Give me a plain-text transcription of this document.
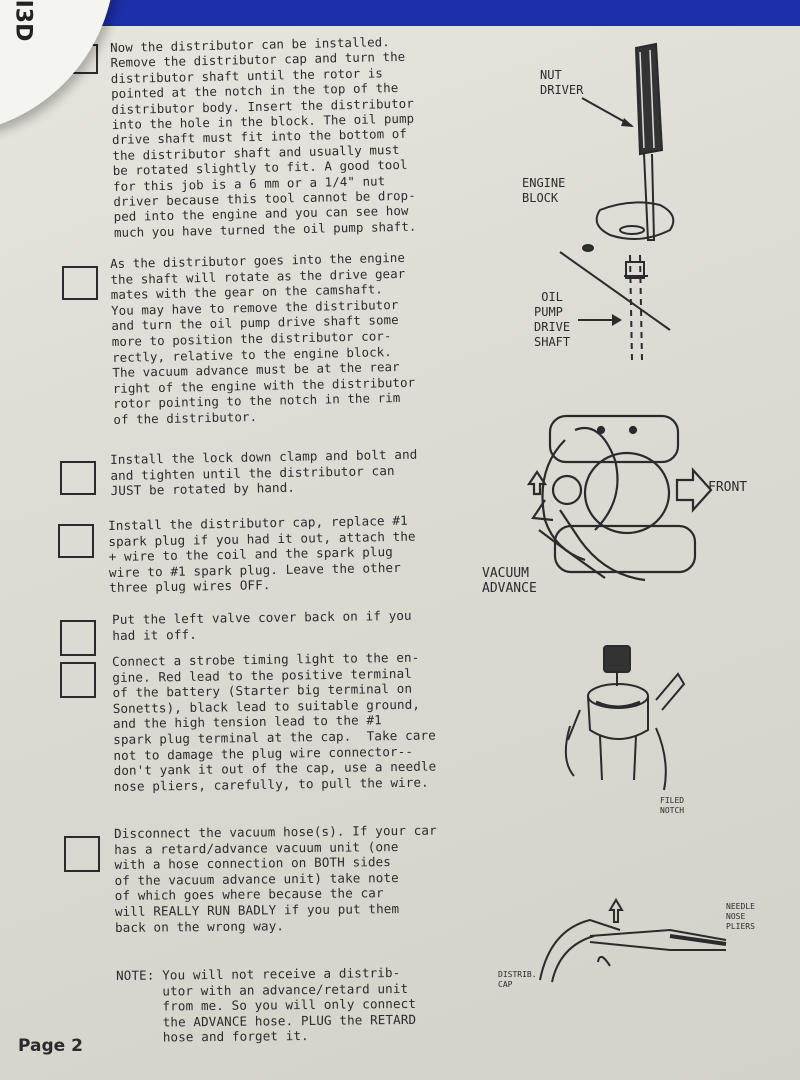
Now the distributor can be installed.
Remove the distributor cap and turn the
distributor shaft until the rotor is
pointed at the notch in the top of the
distributor body. Insert the distributor
into the hole in the block. The oil pump
drive shaft must fit into the bottom of
the distributor shaft and usually must
be rotated slightly to fit. A good tool
for this job is a 6 mm or a 1/4" nut
driver because this tool cannot be drop-
ped into the engine and you can see how
much you have turned the oil pump shaft.

As the distributor goes into the engine
the shaft will rotate as the drive gear
mates with the gear on the camshaft.
You may have to remove the distributor
and turn the oil pump drive shaft some
more to position the distributor cor-
rectly, relative to the engine block.
The vacuum advance must be at the rear
right of the engine with the distributor
rotor pointing to the notch in the rim
of the distributor.

Install the lock down clamp and bolt and
and tighten until the distributor can
JUST be rotated by hand.

Install the distributor cap, replace #1
spark plug if you had it out, attach the
+ wire to the coil and the spark plug
wire to #1 spark plug. Leave the other
three plug wires OFF.

Put the left valve cover back on if you
had it off.

Connect a strobe timing light to the en-
gine. Red lead to the positive terminal
of the battery (Starter big terminal on
Sonetts), black lead to suitable ground,
and the high tension lead to the #1
spark plug terminal at the cap.  Take care
not to damage the plug wire connector--
don't yank it out of the cap, use a needle
nose pliers, carefully, to pull the wire.

Disconnect the vacuum hose(s). If your car
has a retard/advance vacuum unit (one
with a hose connection on BOTH sides
of the vacuum advance unit) take note
of which goes where because the car
will REALLY RUN BADLY if you put them
back on the wrong way.

NOTE: You will not receive a distrib-
utor with an advance/retard unit
from me. So you will only connect
the ADVANCE hose. PLUG the RETARD
hose and forget it.

NUT
DRIVER
ENGINE
BLOCK
OIL
PUMP
DRIVE
SHAFT
FRONT
VACUUM
ADVANCE
FILED
NOTCH
NEEDLE
NOSE
PLIERS
DISTRIB.
CAP
I3D
Page 2
